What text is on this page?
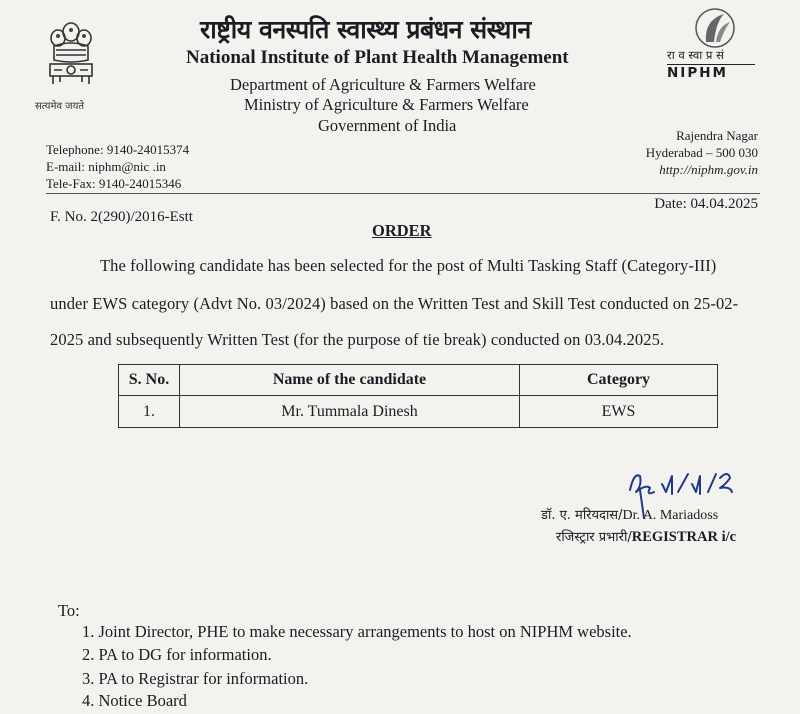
सत्यमेव जयते
राष्ट्रीय वनस्पति स्वास्थ्य प्रबंधन संस्थान
National Institute of Plant Health Management
Department of Agriculture & Farmers Welfare
Ministry of Agriculture & Farmers Welfare
Government of India
रा व स्वा प्र सं
NIPHM
Telephone: 9140-24015374
E-mail: niphm@nic .in
Tele-Fax: 9140-24015346
Rajendra Nagar
Hyderabad – 500 030
http://niphm.gov.in
F. No. 2(290)/2016-Estt
Date: 04.04.2025
ORDER
The following candidate has been selected for the post of Multi Tasking Staff (Category-III)
under EWS category (Advt No. 03/2024) based on the Written Test and Skill Test conducted on 25-02-
2025 and subsequently Written Test (for the purpose of tie break) conducted on 03.04.2025.
S. No.	Name of the candidate	Category
1.	Mr. Tummala Dinesh	EWS
डॉ. ए. मरियदास/Dr. A. Mariadoss
रजिस्ट्रार प्रभारी/REGISTRAR i/c
To:
1. Joint Director, PHE to make necessary arrangements to host on NIPHM website.
2. PA to DG for information.
3. PA to Registrar for information.
4. Notice Board
